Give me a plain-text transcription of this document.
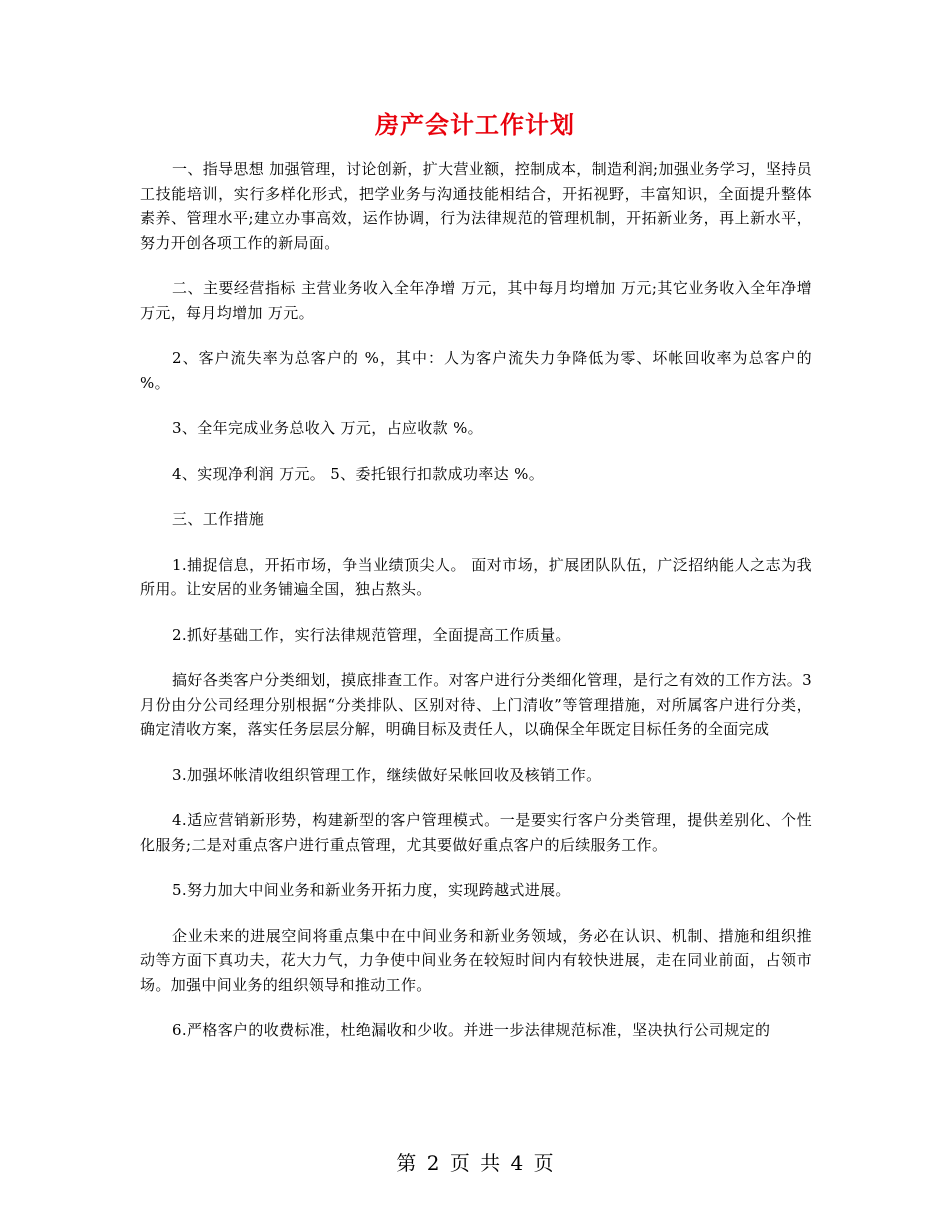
房产会计工作计划

一、指导思想 加强管理，讨论创新，扩大营业额，控制成本，制造利润;加强业务学习，坚持员工技能培训，实行多样化形式，把学业务与沟通技能相结合，开拓视野，丰富知识，全面提升整体素养、管理水平;建立办事高效，运作协调，行为法律规范的管理机制，开拓新业务，再上新水平，努力开创各项工作的新局面。

二、主要经营指标 主营业务收入全年净增 万元，其中每月均增加 万元;其它业务收入全年净增 万元，每月均增加 万元。

2、客户流失率为总客户的 %，其中：人为客户流失力争降低为零、坏帐回收率为总客户的 %。

3、全年完成业务总收入 万元，占应收款 %。

4、实现净利润 万元。 5、委托银行扣款成功率达 %。

三、工作措施

1.捕捉信息，开拓市场，争当业绩顶尖人。 面对市场，扩展团队队伍，广泛招纳能人之志为我所用。让安居的业务铺遍全国，独占熬头。

2.抓好基础工作，实行法律规范管理，全面提高工作质量。

搞好各类客户分类细划，摸底排查工作。对客户进行分类细化管理，是行之有效的工作方法。3月份由分公司经理分别根据“分类排队、区别对待、上门清收”等管理措施，对所属客户进行分类，确定清收方案，落实任务层层分解，明确目标及责任人，以确保全年既定目标任务的全面完成

3.加强坏帐清收组织管理工作，继续做好呆帐回收及核销工作。

4.适应营销新形势，构建新型的客户管理模式。一是要实行客户分类管理，提供差别化、个性化服务;二是对重点客户进行重点管理，尤其要做好重点客户的后续服务工作。

5.努力加大中间业务和新业务开拓力度，实现跨越式进展。

企业未来的进展空间将重点集中在中间业务和新业务领域，务必在认识、机制、措施和组织推动等方面下真功夫，花大力气，力争使中间业务在较短时间内有较快进展，走在同业前面，占领市场。加强中间业务的组织领导和推动工作。

6.严格客户的收费标准，杜绝漏收和少收。并进一步法律规范标准，坚决执行公司规定的

第 2 页 共 4 页
